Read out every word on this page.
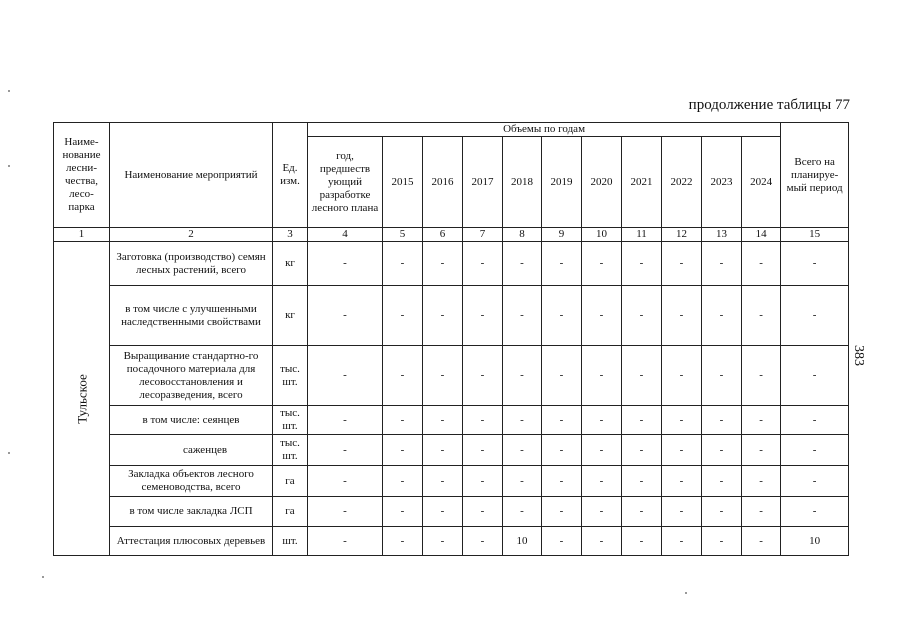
продолжение таблицы 77
383
Наиме-нование лесни-чества, лесо-парка	Наименование мероприятий	Ед. изм.	Объемы по годам											Всего на планируе-мый период
			год, предшеств ующий разработке лесного плана	2015	2016	2017	2018	2019	2020	2021	2022	2023	2024	
1	2	3	4	5	6	7	8	9	10	11	12	13	14	15

Тульское	Заготовка (производство) семян лесных растений, всего	кг	-	-	-	-	-	-	-	-	-	-	-	-
	в том числе с улучшенными наследственными свойствами	кг	-	-	-	-	-	-	-	-	-	-	-	-
	Выращивание стандартно-го посадочного материала для лесовосстановления и лесоразведения, всего	тыс. шт.	-	-	-	-	-	-	-	-	-	-	-	-
	в том числе: сеянцев	тыс. шт.	-	-	-	-	-	-	-	-	-	-	-	-
	саженцев	тыс. шт.	-	-	-	-	-	-	-	-	-	-	-	-
	Закладка объектов лесного семеноводства, всего	га	-	-	-	-	-	-	-	-	-	-	-	-
	в том числе закладка ЛСП	га	-	-	-	-	-	-	-	-	-	-	-	-
	Аттестация плюсовых деревьев	шт.	-	-	-	-	10	-	-	-	-	-	-	10
